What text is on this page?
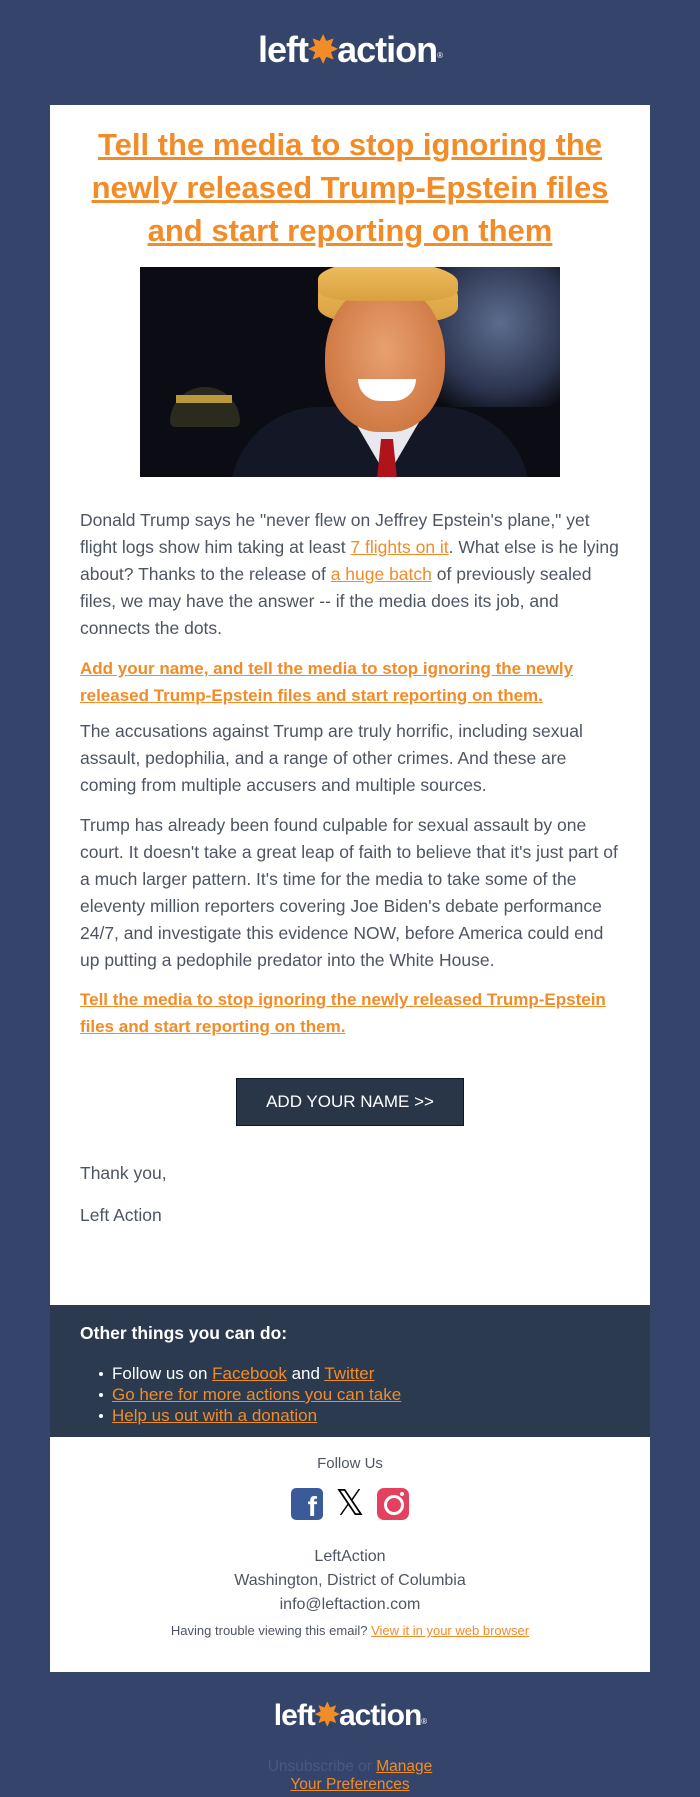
left✸action®
Tell the media to stop ignoring the newly released Trump-Epstein files and start reporting on them

Donald Trump says he "never flew on Jeffrey Epstein's plane," yet flight logs show him taking at least 7 flights on it. What else is he lying about? Thanks to the release of a huge batch of previously sealed files, we may have the answer -- if the media does its job, and connects the dots.

Add your name, and tell the media to stop ignoring the newly released Trump-Epstein files and start reporting on them.

The accusations against Trump are truly horrific, including sexual assault, pedophilia, and a range of other crimes. And these are coming from multiple accusers and multiple sources.

Trump has already been found culpable for sexual assault by one court. It doesn't take a great leap of faith to believe that it's just part of a much larger pattern. It's time for the media to take some of the eleventy million reporters covering Joe Biden's debate performance 24/7, and investigate this evidence NOW, before America could end up putting a pedophile predator into the White House.

Tell the media to stop ignoring the newly released Trump-Epstein files and start reporting on them.

ADD YOUR NAME >>

Thank you,

Left Action

Other things you can do:
Follow us on Facebook and Twitter
Go here for more actions you can take
Help us out with a donation

Follow Us

f 𝕏
LeftAction
Washington, District of Columbia
info@leftaction.com

Having trouble viewing this email? View it in your web browser

left✸action®
Unsubscribe or Manage
Your Preferences
